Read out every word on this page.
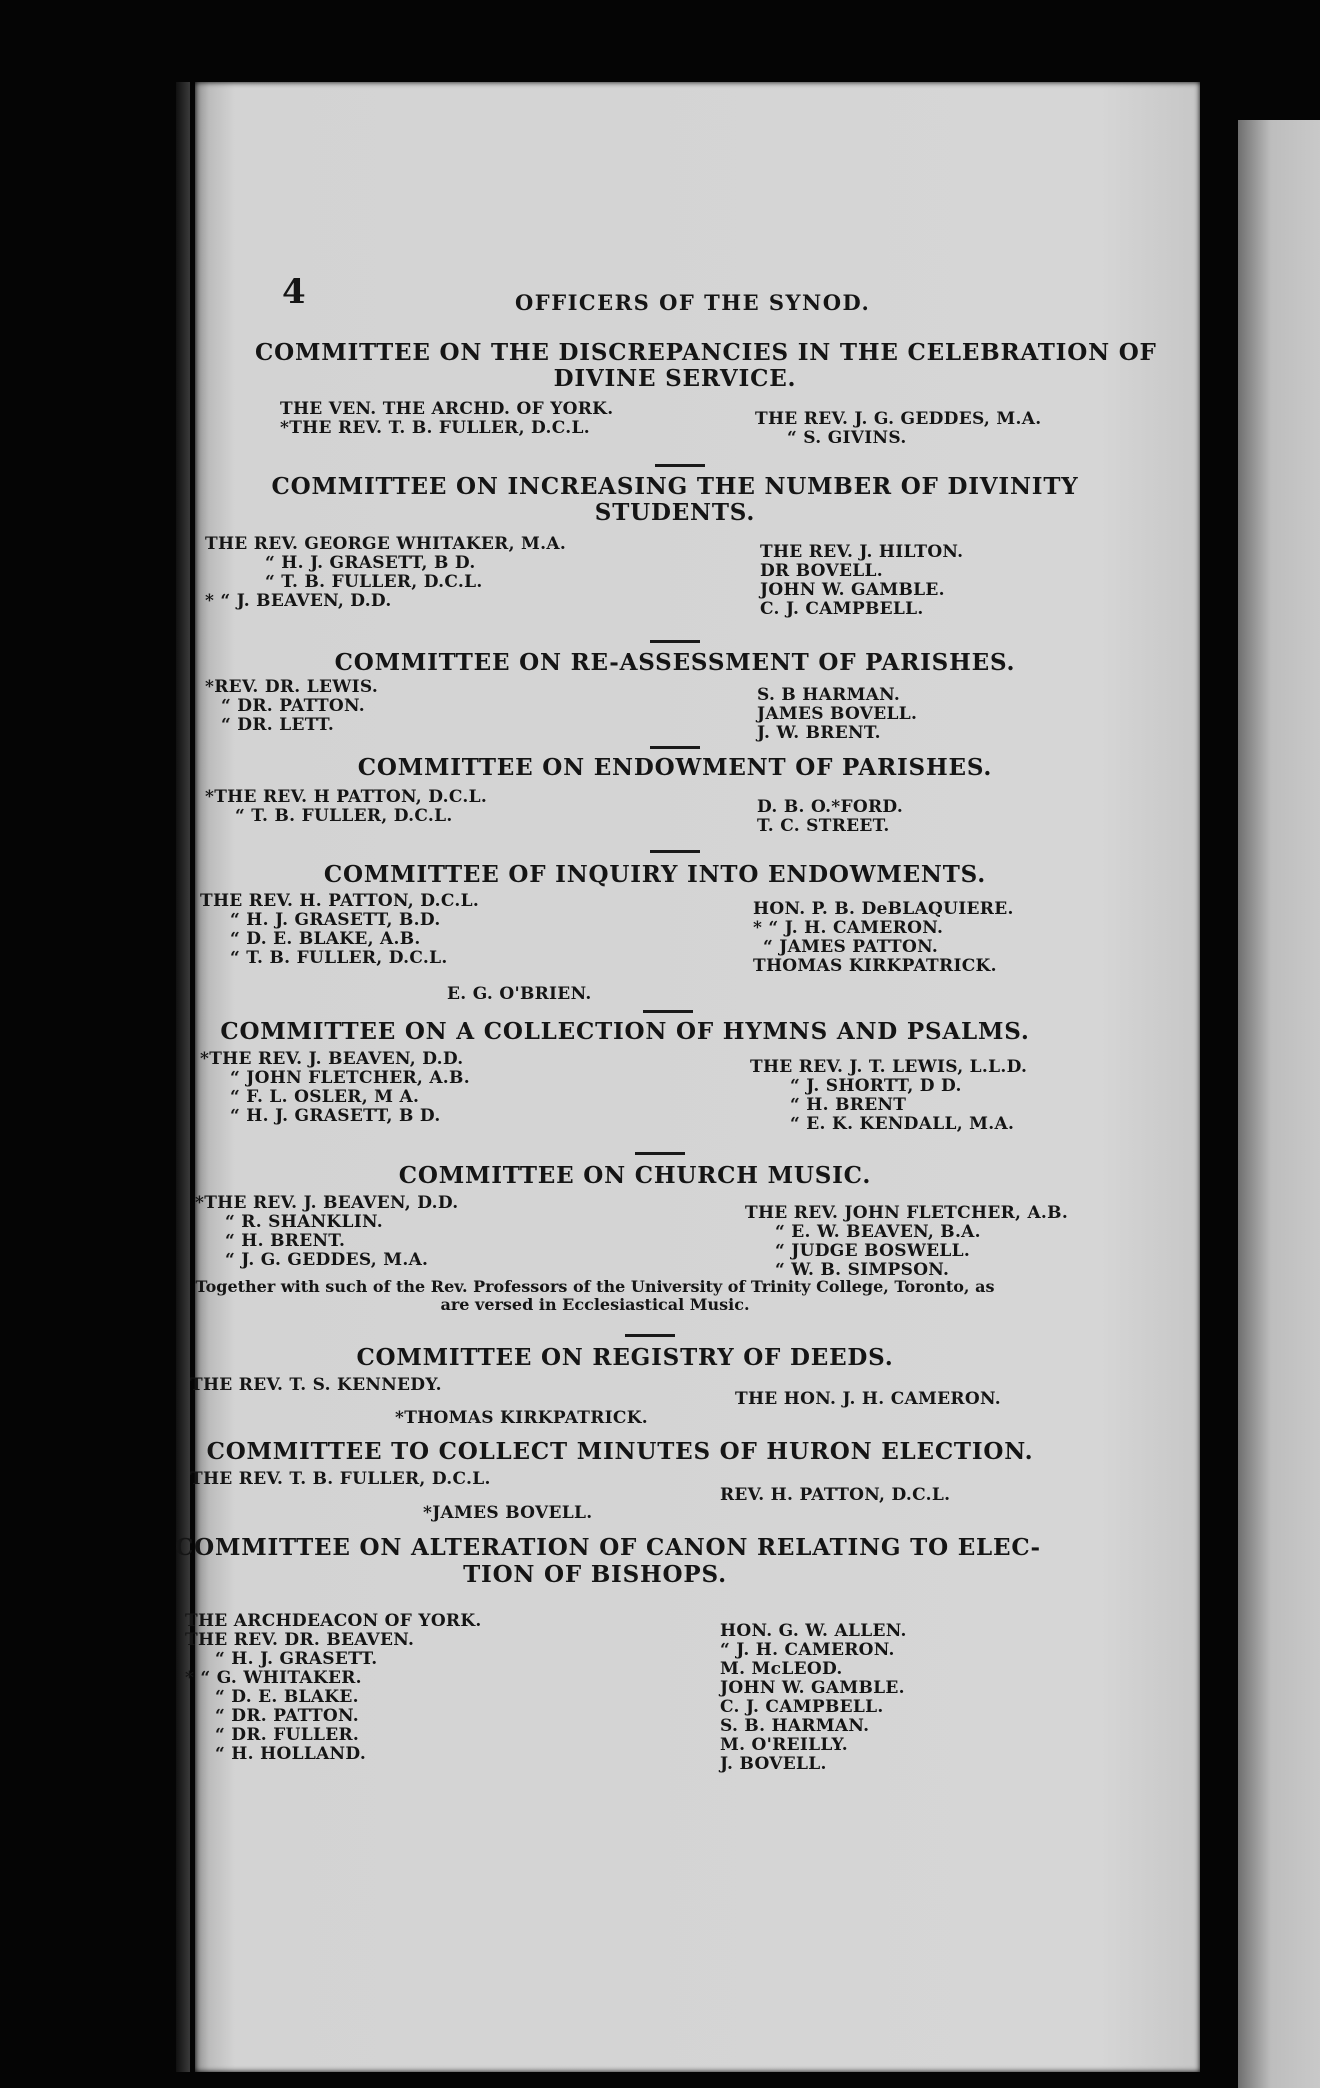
4	OFFICERS OF THE SYNOD.
COMMITTEE ON THE DISCREPANCIES IN THE CELEBRATION OF
DIVINE SERVICE.
THE VEN. THE ARCHD. OF YORK.
*THE REV. T. B. FULLER, D.C.L.	THE REV. J. G. GEDDES, M.A.
“ S. GIVINS.
COMMITTEE ON INCREASING THE NUMBER OF DIVINITY
STUDENTS.
THE REV. GEORGE WHITAKER, M.A.
“ H. J. GRASETT, B D.
“ T. B. FULLER, D.C.L.
* “ J. BEAVEN, D.D.
THE REV. J. HILTON.
DR BOVELL.
JOHN W. GAMBLE.
C. J. CAMPBELL.
COMMITTEE ON RE-ASSESSMENT OF PARISHES.
*REV. DR. LEWIS.
“ DR. PATTON.
“ DR. LETT.
S. B HARMAN.
JAMES BOVELL.
J. W. BRENT.
COMMITTEE ON ENDOWMENT OF PARISHES.
*THE REV. H PATTON, D.C.L.
“ T. B. FULLER, D.C.L.	D. B. O.*FORD.
T. C. STREET.
COMMITTEE OF INQUIRY INTO ENDOWMENTS.
THE REV. H. PATTON, D.C.L.
“ H. J. GRASETT, B.D.
“ D. E. BLAKE, A.B.
“ T. B. FULLER, D.C.L.
HON. P. B. DeBLAQUIERE.
* “ J. H. CAMERON.
“ JAMES PATTON.
THOMAS KIRKPATRICK.
E. G. O'BRIEN.
COMMITTEE ON A COLLECTION OF HYMNS AND PSALMS.
*THE REV. J. BEAVEN, D.D.
“ JOHN FLETCHER, A.B.
“ F. L. OSLER, M A.
“ H. J. GRASETT, B D.
THE REV. J. T. LEWIS, L.L.D.
“ J. SHORTT, D D.
“ H. BRENT
“ E. K. KENDALL, M.A.
COMMITTEE ON CHURCH MUSIC.
*THE REV. J. BEAVEN, D.D.
“ R. SHANKLIN.
“ H. BRENT.
“ J. G. GEDDES, M.A.
THE REV. JOHN FLETCHER, A.B.
“ E. W. BEAVEN, B.A.
“ JUDGE BOSWELL.
“ W. B. SIMPSON.
Together with such of the Rev. Professors of the University of Trinity College, Toronto, as
are versed in Ecclesiastical Music.
COMMITTEE ON REGISTRY OF DEEDS.
THE REV. T. S. KENNEDY.
THE HON. J. H. CAMERON.
*THOMAS KIRKPATRICK.
COMMITTEE TO COLLECT MINUTES OF HURON ELECTION.
THE REV. T. B. FULLER, D.C.L.
REV. H. PATTON, D.C.L.
*JAMES BOVELL.
COMMITTEE ON ALTERATION OF CANON RELATING TO ELEC-
TION OF BISHOPS.
THE ARCHDEACON OF YORK.
THE REV. DR. BEAVEN.
“ H. J. GRASETT.
* “ G. WHITAKER.
“ D. E. BLAKE.
“ DR. PATTON.
“ DR. FULLER.
“ H. HOLLAND.
HON. G. W. ALLEN.
“ J. H. CAMERON.
M. McLEOD.
JOHN W. GAMBLE.
C. J. CAMPBELL.
S. B. HARMAN.
M. O'REILLY.
J. BOVELL.
